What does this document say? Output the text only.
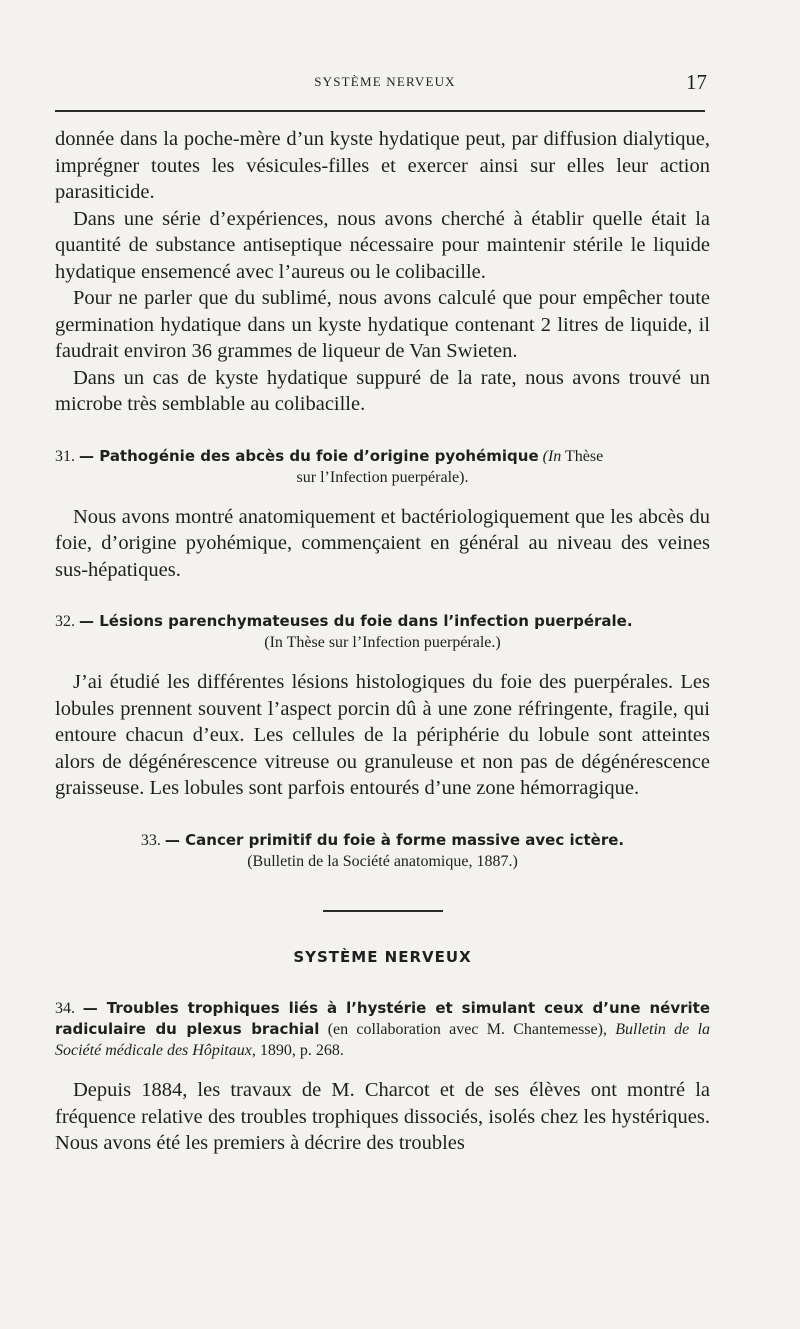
SYSTÈME NERVEUX	17

donnée dans la poche-mère d’un kyste hydatique peut, par diffusion dialytique, imprégner toutes les vésicules-filles et exercer ainsi sur elles leur action parasiticide.

Dans une série d’expériences, nous avons cherché à établir quelle était la quantité de substance antiseptique nécessaire pour maintenir stérile le liquide hydatique ensemencé avec l’aureus ou le colibacille.

Pour ne parler que du sublimé, nous avons calculé que pour empêcher toute germination hydatique dans un kyste hydatique contenant 2 litres de liquide, il faudrait environ 36 grammes de liqueur de Van Swieten.

Dans un cas de kyste hydatique suppuré de la rate, nous avons trouvé un microbe très semblable au colibacille.

31. — Pathogénie des abcès du foie d’origine pyohémique (In Thèse
sur l’Infection puerpérale).

Nous avons montré anatomiquement et bactériologiquement que les abcès du foie, d’origine pyohémique, commençaient en général au niveau des veines sus-hépatiques.

32. — Lésions parenchymateuses du foie dans l’infection puerpérale.
(In Thèse sur l’Infection puerpérale.)

J’ai étudié les différentes lésions histologiques du foie des puerpérales. Les lobules prennent souvent l’aspect porcin dû à une zone réfringente, fragile, qui entoure chacun d’eux. Les cellules de la périphérie du lobule sont atteintes alors de dégénérescence vitreuse ou granuleuse et non pas de dégénérescence graisseuse. Les lobules sont parfois entourés d’une zone hémorragique.

33. — Cancer primitif du foie à forme massive avec ictère.
(Bulletin de la Société anatomique, 1887.)
SYSTÈME NERVEUX
34. — Troubles trophiques liés à l’hystérie et simulant ceux d’une névrite radiculaire du plexus brachial (en collaboration avec M. Chantemesse), Bulletin de la Société médicale des Hôpitaux, 1890, p. 268.

Depuis 1884, les travaux de M. Charcot et de ses élèves ont montré la fréquence relative des troubles trophiques dissociés, isolés chez les hystériques. Nous avons été les premiers à décrire des troubles
